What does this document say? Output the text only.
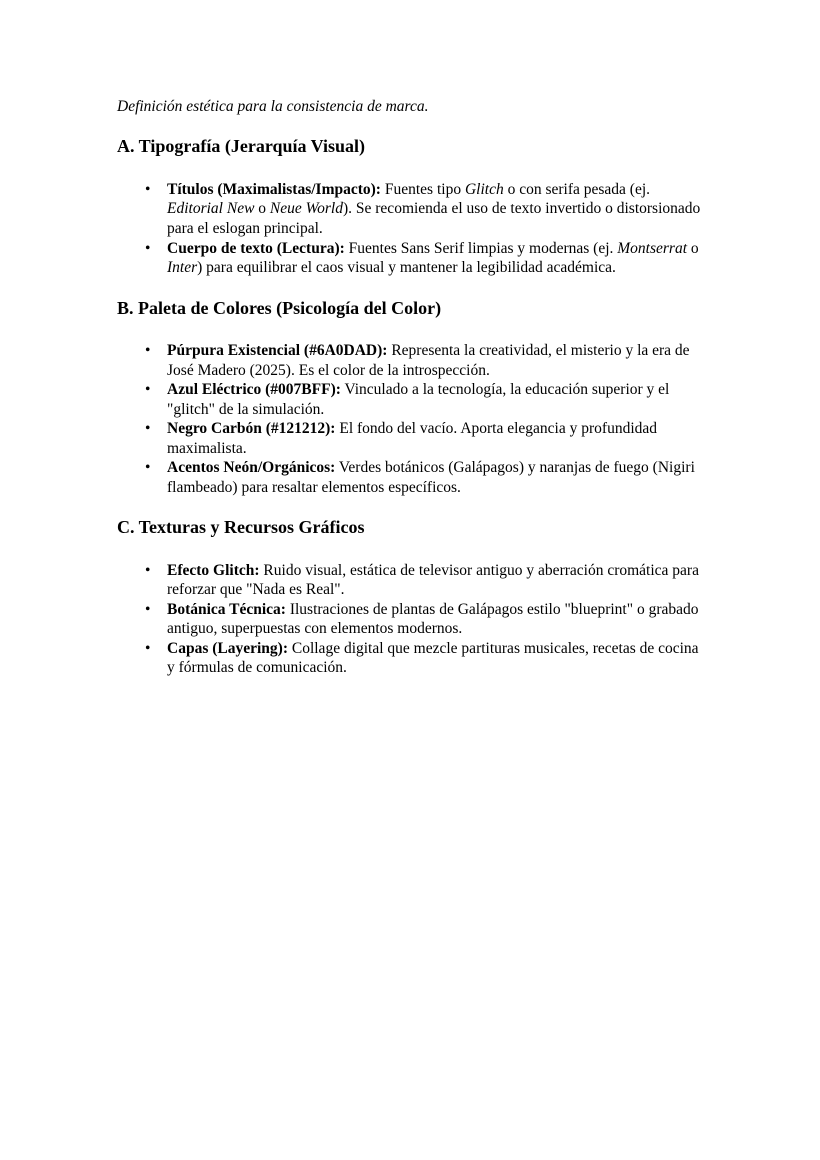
Definición estética para la consistencia de marca.

A. Tipografía (Jerarquía Visual)
• Títulos (Maximalistas/Impacto): Fuentes tipo Glitch o con serifa pesada (ej. Editorial New o Neue World). Se recomienda el uso de texto invertido o distorsionado para el eslogan principal.
• Cuerpo de texto (Lectura): Fuentes Sans Serif limpias y modernas (ej. Montserrat o Inter) para equilibrar el caos visual y mantener la legibilidad académica.
B. Paleta de Colores (Psicología del Color)
• Púrpura Existencial (#6A0DAD): Representa la creatividad, el misterio y la era de José Madero (2025). Es el color de la introspección.
• Azul Eléctrico (#007BFF): Vinculado a la tecnología, la educación superior y el "glitch" de la simulación.
• Negro Carbón (#121212): El fondo del vacío. Aporta elegancia y profundidad maximalista.
• Acentos Neón/Orgánicos: Verdes botánicos (Galápagos) y naranjas de fuego (Nigiri flambeado) para resaltar elementos específicos.
C. Texturas y Recursos Gráficos
• Efecto Glitch: Ruido visual, estática de televisor antiguo y aberración cromática para reforzar que "Nada es Real".
• Botánica Técnica: Ilustraciones de plantas de Galápagos estilo "blueprint" o grabado antiguo, superpuestas con elementos modernos.
• Capas (Layering): Collage digital que mezcle partituras musicales, recetas de cocina y fórmulas de comunicación.
